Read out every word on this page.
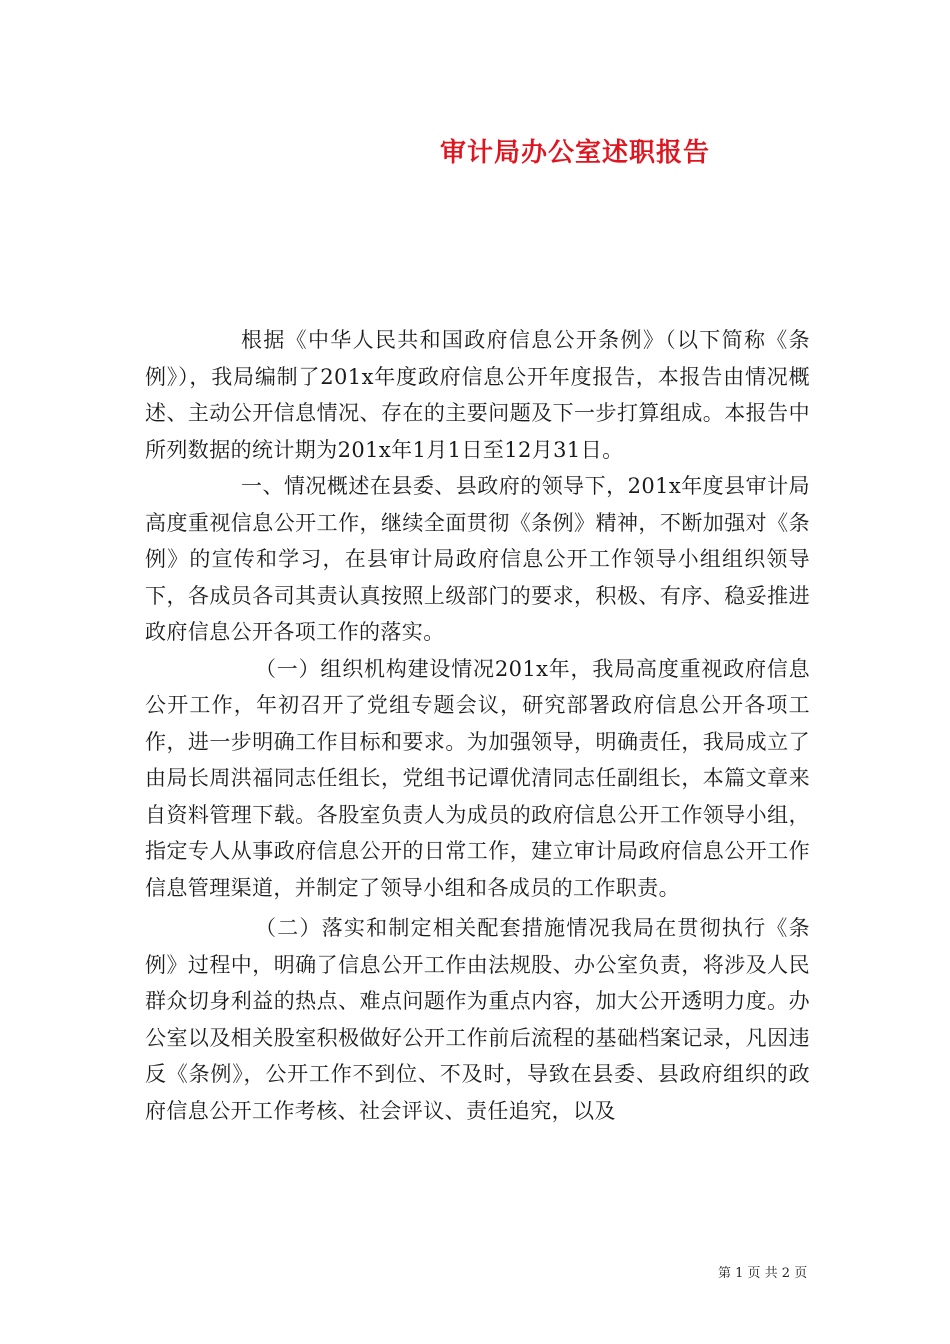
审计局办公室述职报告

根据《中华人民共和国政府信息公开条例》（以下简称《条例》），我局编制了201x年度政府信息公开年度报告，本报告由情况概述、主动公开信息情况、存在的主要问题及下一步打算组成。本报告中所列数据的统计期为201x年1月1日至12月31日。

一、情况概述在县委、县政府的领导下，201x年度县审计局高度重视信息公开工作，继续全面贯彻《条例》精神，不断加强对《条例》的宣传和学习，在县审计局政府信息公开工作领导小组组织领导下，各成员各司其责认真按照上级部门的要求，积极、有序、稳妥推进政府信息公开各项工作的落实。

（一）组织机构建设情况201x年，我局高度重视政府信息公开工作，年初召开了党组专题会议，研究部署政府信息公开各项工作，进一步明确工作目标和要求。为加强领导，明确责任，我局成立了由局长周洪福同志任组长，党组书记谭优清同志任副组长，本篇文章来自资料管理下载。各股室负责人为成员的政府信息公开工作领导小组，指定专人从事政府信息公开的日常工作，建立审计局政府信息公开工作信息管理渠道，并制定了领导小组和各成员的工作职责。

（二）落实和制定相关配套措施情况我局在贯彻执行《条例》过程中，明确了信息公开工作由法规股、办公室负责，将涉及人民群众切身利益的热点、难点问题作为重点内容，加大公开透明力度。办公室以及相关股室积极做好公开工作前后流程的基础档案记录，凡因违反《条例》，公开工作不到位、不及时，导致在县委、县政府组织的政府信息公开工作考核、社会评议、责任追究，以及

第 1 页 共 2 页
